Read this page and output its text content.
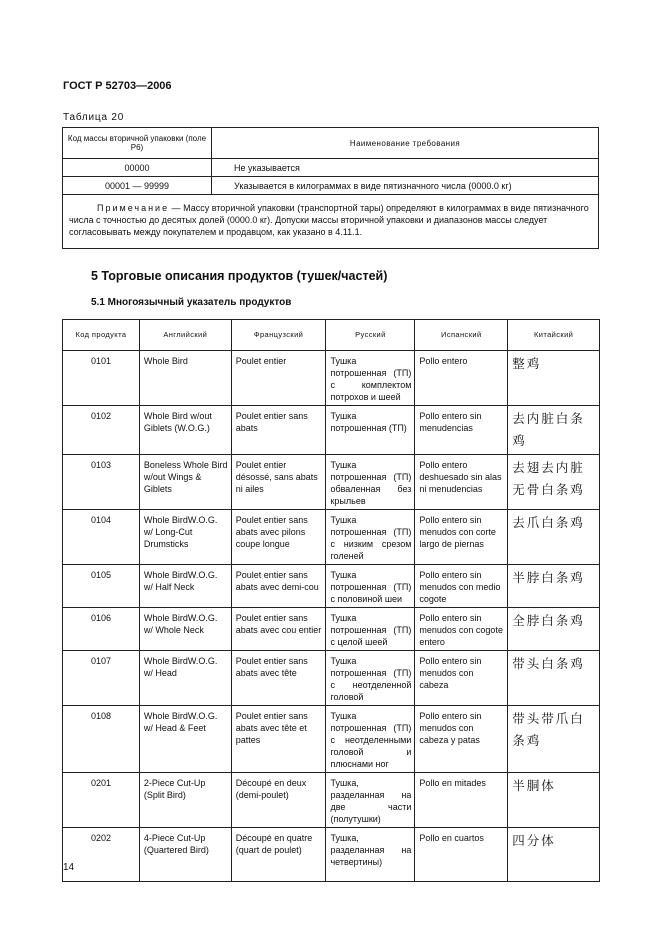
ГОСТ Р 52703—2006
Таблица 20
Код массы вторичной упаковки (поле Р6)	Наименование требования
00000	Не указывается
00001 — 99999	Указывается в килограммах в виде пятизначного числа (0000.0 кг)
Примечание — Массу вторичной упаковки (транспортной тары) определяют в килограммах в виде пятизначного числа с точностью до десятых долей (0000.0 кг). Допуски массы вторичной упаковки и диапазонов массы следует согласовывать между покупателем и продавцом, как указано в 4.11.1.	
5 Торговые описания продуктов (тушек/частей)
5.1 Многоязычный указатель продуктов
Код продукта	Английский	Французский	Русский	Испанский	Китайский
0101	Whole Bird	Poulet entier	Тушка потрошенная (ТП) с комплектом потрохов и шеей	Pollo entero	整鸡
0102	Whole Bird w/out Giblets (W.O.G.)	Poulet entier sans abats	Тушка потрошенная (ТП)	Pollo entero sin menudencias	去内脏白条鸡
0103	Boneless Whole Bird w/out Wings & Giblets	Poulet entier désossé, sans abats ni ailes	Тушка потрошенная (ТП) обваленная без крыльев	Pollo entero deshuesado sin alas ni menudencias	去翅去内脏无骨白条鸡
0104	Whole BirdW.O.G. w/ Long-Cut Drumsticks	Poulet entier sans abats avec pilons coupe longue	Тушка потрошенная (ТП) с низким срезом голеней	Pollo entero sin menudos con corte largo de piernas	去爪白条鸡
0105	Whole BirdW.O.G. w/ Half Neck	Poulet entier sans abats avec demi-cou	Тушка потрошенная (ТП) с половиной шеи	Pollo entero sin menudos con medio cogote	半脖白条鸡
0106	Whole BirdW.O.G. w/ Whole Neck	Poulet entier sans abats avec cou entier	Тушка потрошенная (ТП) с целой шеей	Pollo entero sin menudos con cogote entero	全脖白条鸡
0107	Whole BirdW.O.G. w/ Head	Poulet entier sans abats avec tête	Тушка потрошенная (ТП) с неотделенной головой	Pollo entero sin menudos con cabeza	带头白条鸡
0108	Whole BirdW.O.G. w/ Head & Feet	Poulet entier sans abats avec tête et pattes	Тушка потрошенная (ТП) с неотделенными головой и плюснами ног	Pollo entero sin menudos con cabeza y patas	带头带爪白条鸡
0201	2-Piece Cut-Up (Split Bird)	Découpé en deux (demi-poulet)	Тушка, разделанная на две части (полутушки)	Pollo en mitades	半胴体
0202	4-Piece Cut-Up (Quartered Bird)	Découpé en quatre (quart de poulet)	Тушка, разделанная на четвертины)	Pollo en cuartos	四分体
14
